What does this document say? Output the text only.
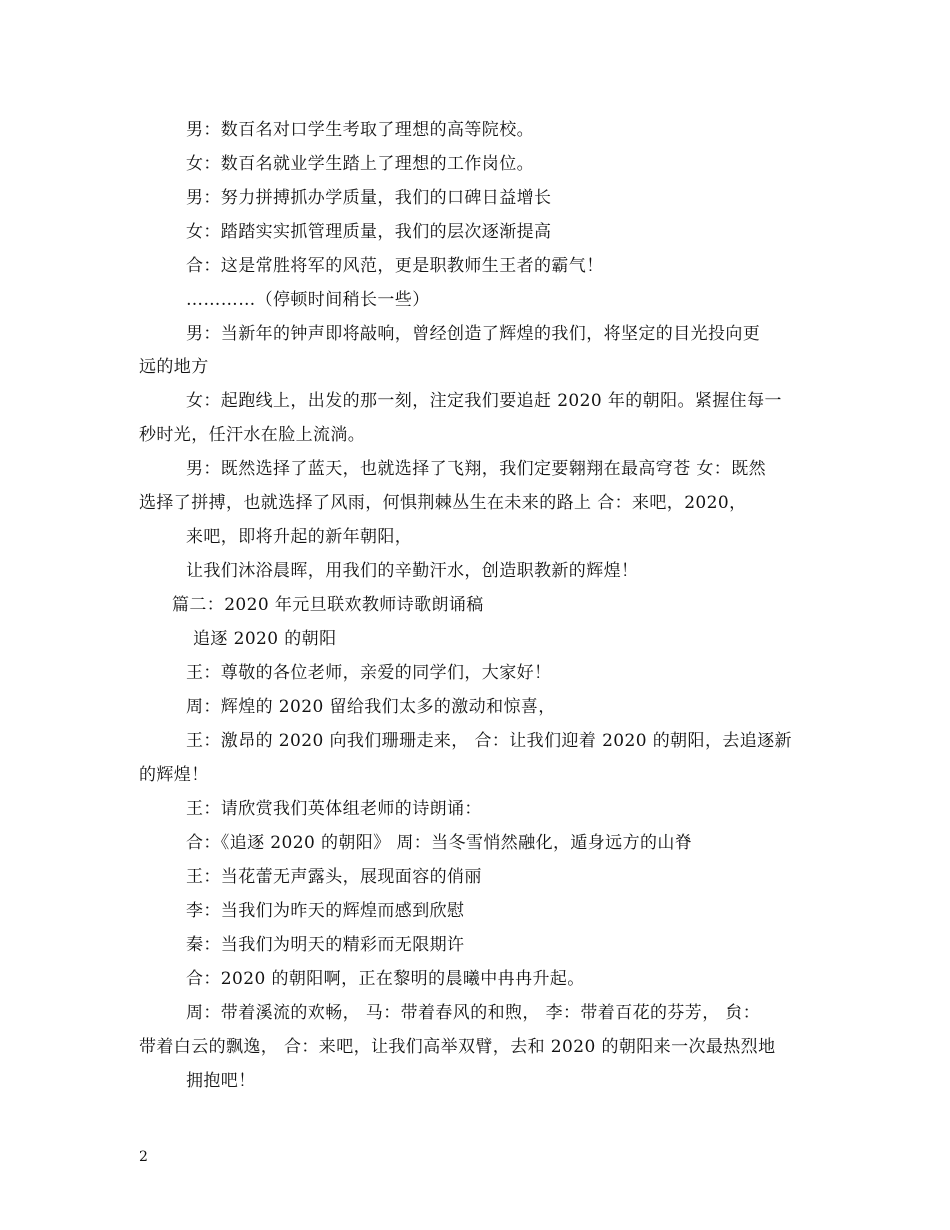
男：数百名对口学生考取了理想的高等院校。
女：数百名就业学生踏上了理想的工作岗位。
男：努力拼搏抓办学质量，我们的口碑日益增长
女：踏踏实实抓管理质量，我们的层次逐渐提高
合：这是常胜将军的风范，更是职教师生王者的霸气！
…………（停顿时间稍长一些）
男：当新年的钟声即将敲响，曾经创造了辉煌的我们，将坚定的目光投向更
远的地方
女：起跑线上，出发的那一刻，注定我们要追赶 2020 年的朝阳。紧握住每一
秒时光，任汗水在脸上流淌。
男：既然选择了蓝天，也就选择了飞翔，我们定要翱翔在最高穹苍 女：既然
选择了拼搏，也就选择了风雨，何惧荆棘丛生在未来的路上 合：来吧，2020，
来吧，即将升起的新年朝阳，
让我们沐浴晨晖，用我们的辛勤汗水，创造职教新的辉煌！
篇二：2020 年元旦联欢教师诗歌朗诵稿
追逐 2020 的朝阳
王：尊敬的各位老师，亲爱的同学们，大家好！
周：辉煌的 2020 留给我们太多的激动和惊喜，
王：激昂的 2020 向我们珊珊走来， 合：让我们迎着 2020 的朝阳，去追逐新
的辉煌！
王：请欣赏我们英体组老师的诗朗诵：
合：《追逐 2020 的朝阳》 周：当冬雪悄然融化，遁身远方的山脊
王：当花蕾无声露头，展现面容的俏丽
李：当我们为昨天的辉煌而感到欣慰
秦：当我们为明天的精彩而无限期许
合：2020 的朝阳啊，正在黎明的晨曦中冉冉升起。
周：带着溪流的欢畅， 马：带着春风的和煦， 李：带着百花的芬芳， 贠：
带着白云的飘逸， 合：来吧，让我们高举双臂，去和 2020 的朝阳来一次最热烈地
拥抱吧！
2
